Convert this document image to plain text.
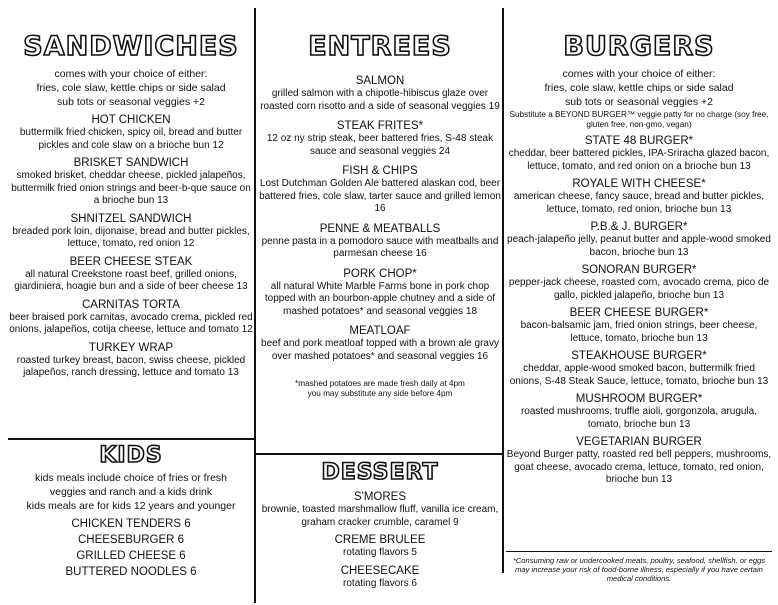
SANDWICHES
comes with your choice of either:
fries, cole slaw, kettle chips or side salad
sub tots or seasonal veggies +2
HOT CHICKEN
buttermilk fried chicken, spicy oil, bread and butter pickles and cole slaw on a brioche bun 12
BRISKET SANDWICH
smoked brisket, cheddar cheese, pickled jalapeños, buttermilk fried onion strings and beer-b-que sauce on a brioche bun 13
SHNITZEL SANDWICH
breaded pork loin, dijonaise, bread and butter pickles, lettuce, tomato, red onion 12
BEER CHEESE STEAK
all natural Creekstone roast beef, grilled onions, giardiniera, hoagie bun and a side of beer cheese 13
CARNITAS TORTA
beer braised pork carnitas, avocado crema, pickled red onions, jalapeños, cotija cheese, lettuce and tomato 12
TURKEY WRAP
roasted turkey breast, bacon, swiss cheese, pickled jalapeños, ranch dressing, lettuce and tomato 13
KIDS
kids meals include choice of fries or fresh
veggies and ranch and a kids drink
kids meals are for kids 12 years and younger
CHICKEN TENDERS 6
CHEESEBURGER 6
GRILLED CHEESE 6
BUTTERED NOODLES 6
ENTREES
SALMON
grilled salmon with a chipotle-hibiscus glaze over roasted corn risotto and a side of seasonal veggies 19
STEAK FRITES*
12 oz ny strip steak, beer battered fries, S-48 steak sauce and seasonal veggies 24
FISH & CHIPS
Lost Dutchman Golden Ale battered alaskan cod, beer battered fries, cole slaw, tarter sauce and grilled lemon 16
PENNE & MEATBALLS
penne pasta in a pomodoro sauce with meatballs and parmesan cheese 16
PORK CHOP*
all natural White Marble Farms bone in pork chop topped with an bourbon-apple chutney and a side of mashed potatoes* and seasonal veggies 18
MEATLOAF
beef and pork meatloaf topped with a brown ale gravy over mashed potatoes* and seasonal veggies 16
*mashed potatoes are made fresh daily at 4pm
you may substitute any side before 4pm
DESSERT
S'MORES
brownie, toasted marshmallow fluff, vanilla ice cream, graham cracker crumble, caramel 9
CREME BRULEE
rotating flavors 5
CHEESECAKE
rotating flavors 6
BURGERS
comes with your choice of either:
fries, cole slaw, kettle chips or side salad
sub tots or seasonal veggies +2
Substitute a BEYOND BURGER™ veggie patty for no charge (soy free, gluten free, non-gmo, vegan)
STATE 48 BURGER*
cheddar, beer battered pickles, IPA-Sriracha glazed bacon, lettuce, tomato, and red onion on a brioche bun 13
ROYALE WITH CHEESE*
american cheese, fancy sauce, bread and butter pickles, lettuce, tomato, red onion, brioche bun 13
P.B.& J. BURGER*
peach-jalapeño jelly, peanut butter and apple-wood smoked bacon, brioche bun 13
SONORAN BURGER*
pepper-jack cheese, roasted corn, avocado crema, pico de gallo, pickled jalapeño, brioche bun 13
BEER CHEESE BURGER*
bacon-balsamic jam, fried onion strings, beer cheese, lettuce, tomato, brioche bun 13
STEAKHOUSE BURGER*
cheddar, apple-wood smoked bacon, buttermilk fried onions, S-48 Steak Sauce, lettuce, tomato, brioche bun 13
MUSHROOM BURGER*
roasted mushrooms, truffle aioli, gorgonzola, arugula, tomato, brioche bun 13
VEGETARIAN BURGER
Beyond Burger patty, roasted red bell peppers, mushrooms, goat cheese, avocado crema, lettuce, tomato, red onion, brioche bun 13
*Consuming raw or undercooked meats, poultry, seafood, shellfish, or eggs may increase your risk of food-borne illness, especially if you have certain medical conditions.
